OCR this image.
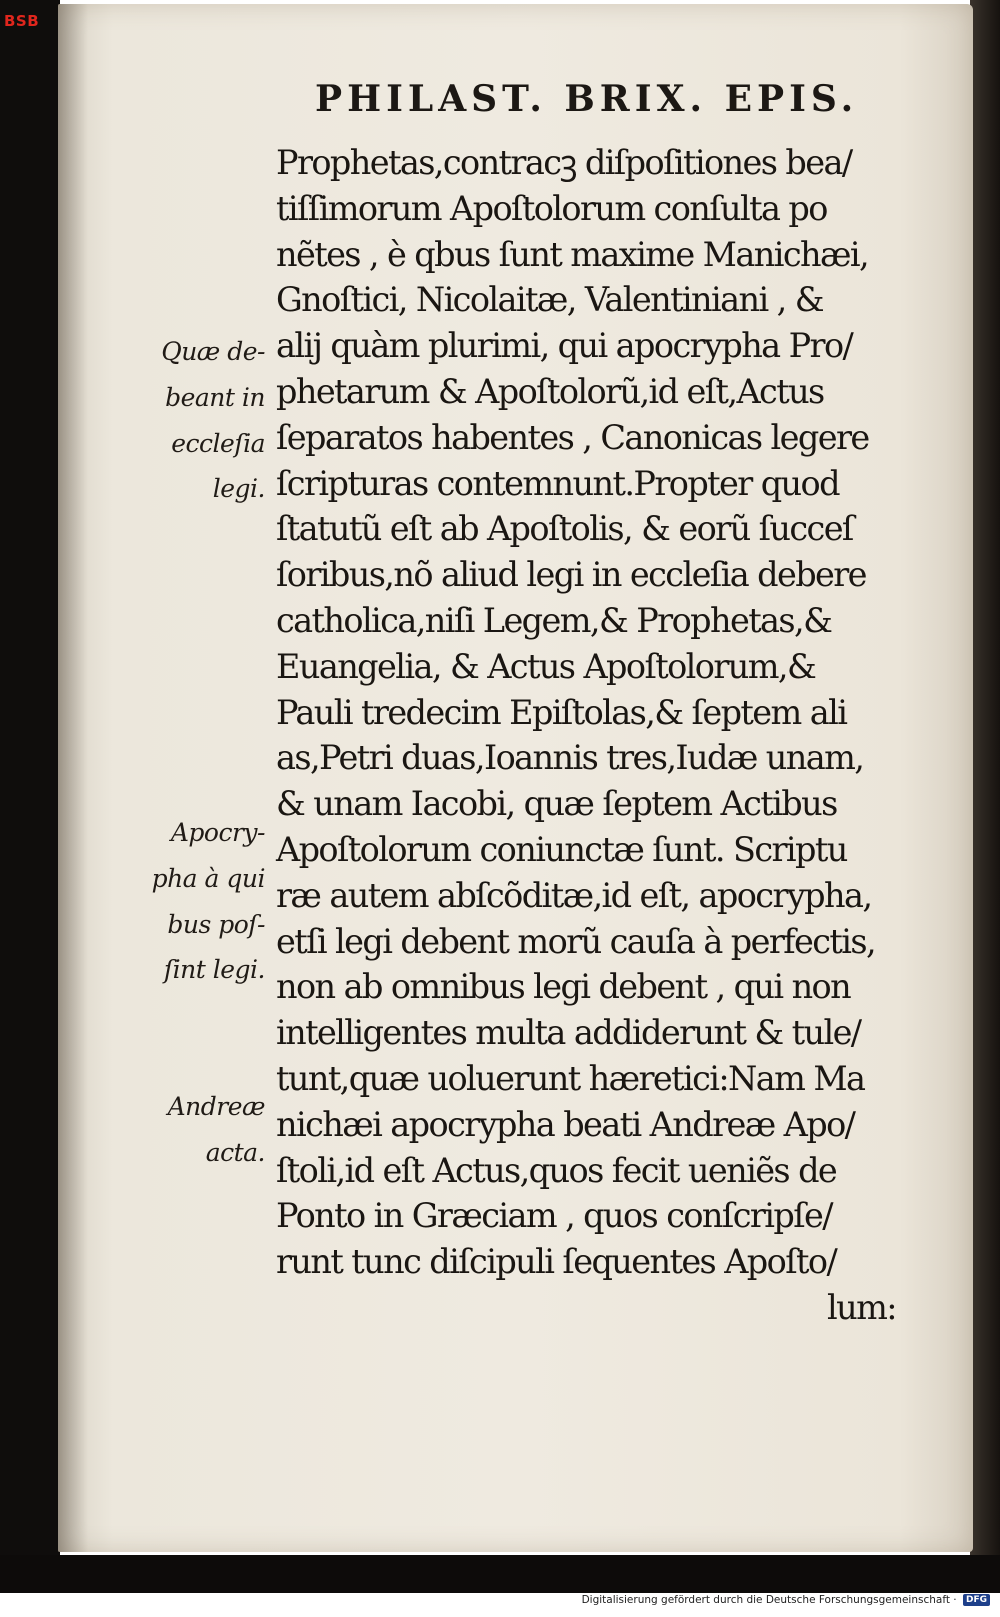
BSB
PHILAST. BRIX. EPIS.
Prophetas,contracꝫ diſpoſitiones bea/
tiſſimorum Apoſtolorum conſulta po
nẽtes , è qbus ſunt maxime Manichæi,
Gnoſtici, Nicolaitæ, Valentiniani , &
alij quàm plurimi, qui apocrypha Pro/
phetarum & Apoſtolorũ,id eſt,Actus
ſeparatos habentes , Canonicas legere
ſcripturas contemnunt.Propter quod
ſtatutũ eſt ab Apoſtolis, & eorũ ſucceſ
ſoribus,nõ aliud legi in eccleſia debere
catholica,niſi Legem,& Prophetas,&
Euangelia, & Actus Apoſtolorum,&
Pauli tredecim Epiſtolas,& ſeptem ali
as,Petri duas,Ioannis tres,Iudæ unam,
& unam Iacobi, quæ ſeptem Actibus
Apoſtolorum coniunctæ ſunt. Scriptu
ræ autem abſcõditæ,id eſt, apocrypha,
etſi legi debent morũ cauſa à perfectis,
non ab omnibus legi debent , qui non
intelligentes multa addiderunt & tule/
tunt,quæ uoluerunt hæretici:Nam Ma
nichæi apocrypha beati Andreæ Apo/
ſtoli,id eſt Actus,quos fecit ueniẽs de
Ponto in Græciam , quos conſcripſe/
runt tunc diſcipuli ſequentes Apoſto/
lum:
Quæ de-
beant in
eccleſia
legi.
Apocry-
pha à qui
bus poſ-
ſint legi.
Andreæ
acta.
Digitalisierung gefördert durch die Deutsche Forschungsgemeinschaft · DFG
